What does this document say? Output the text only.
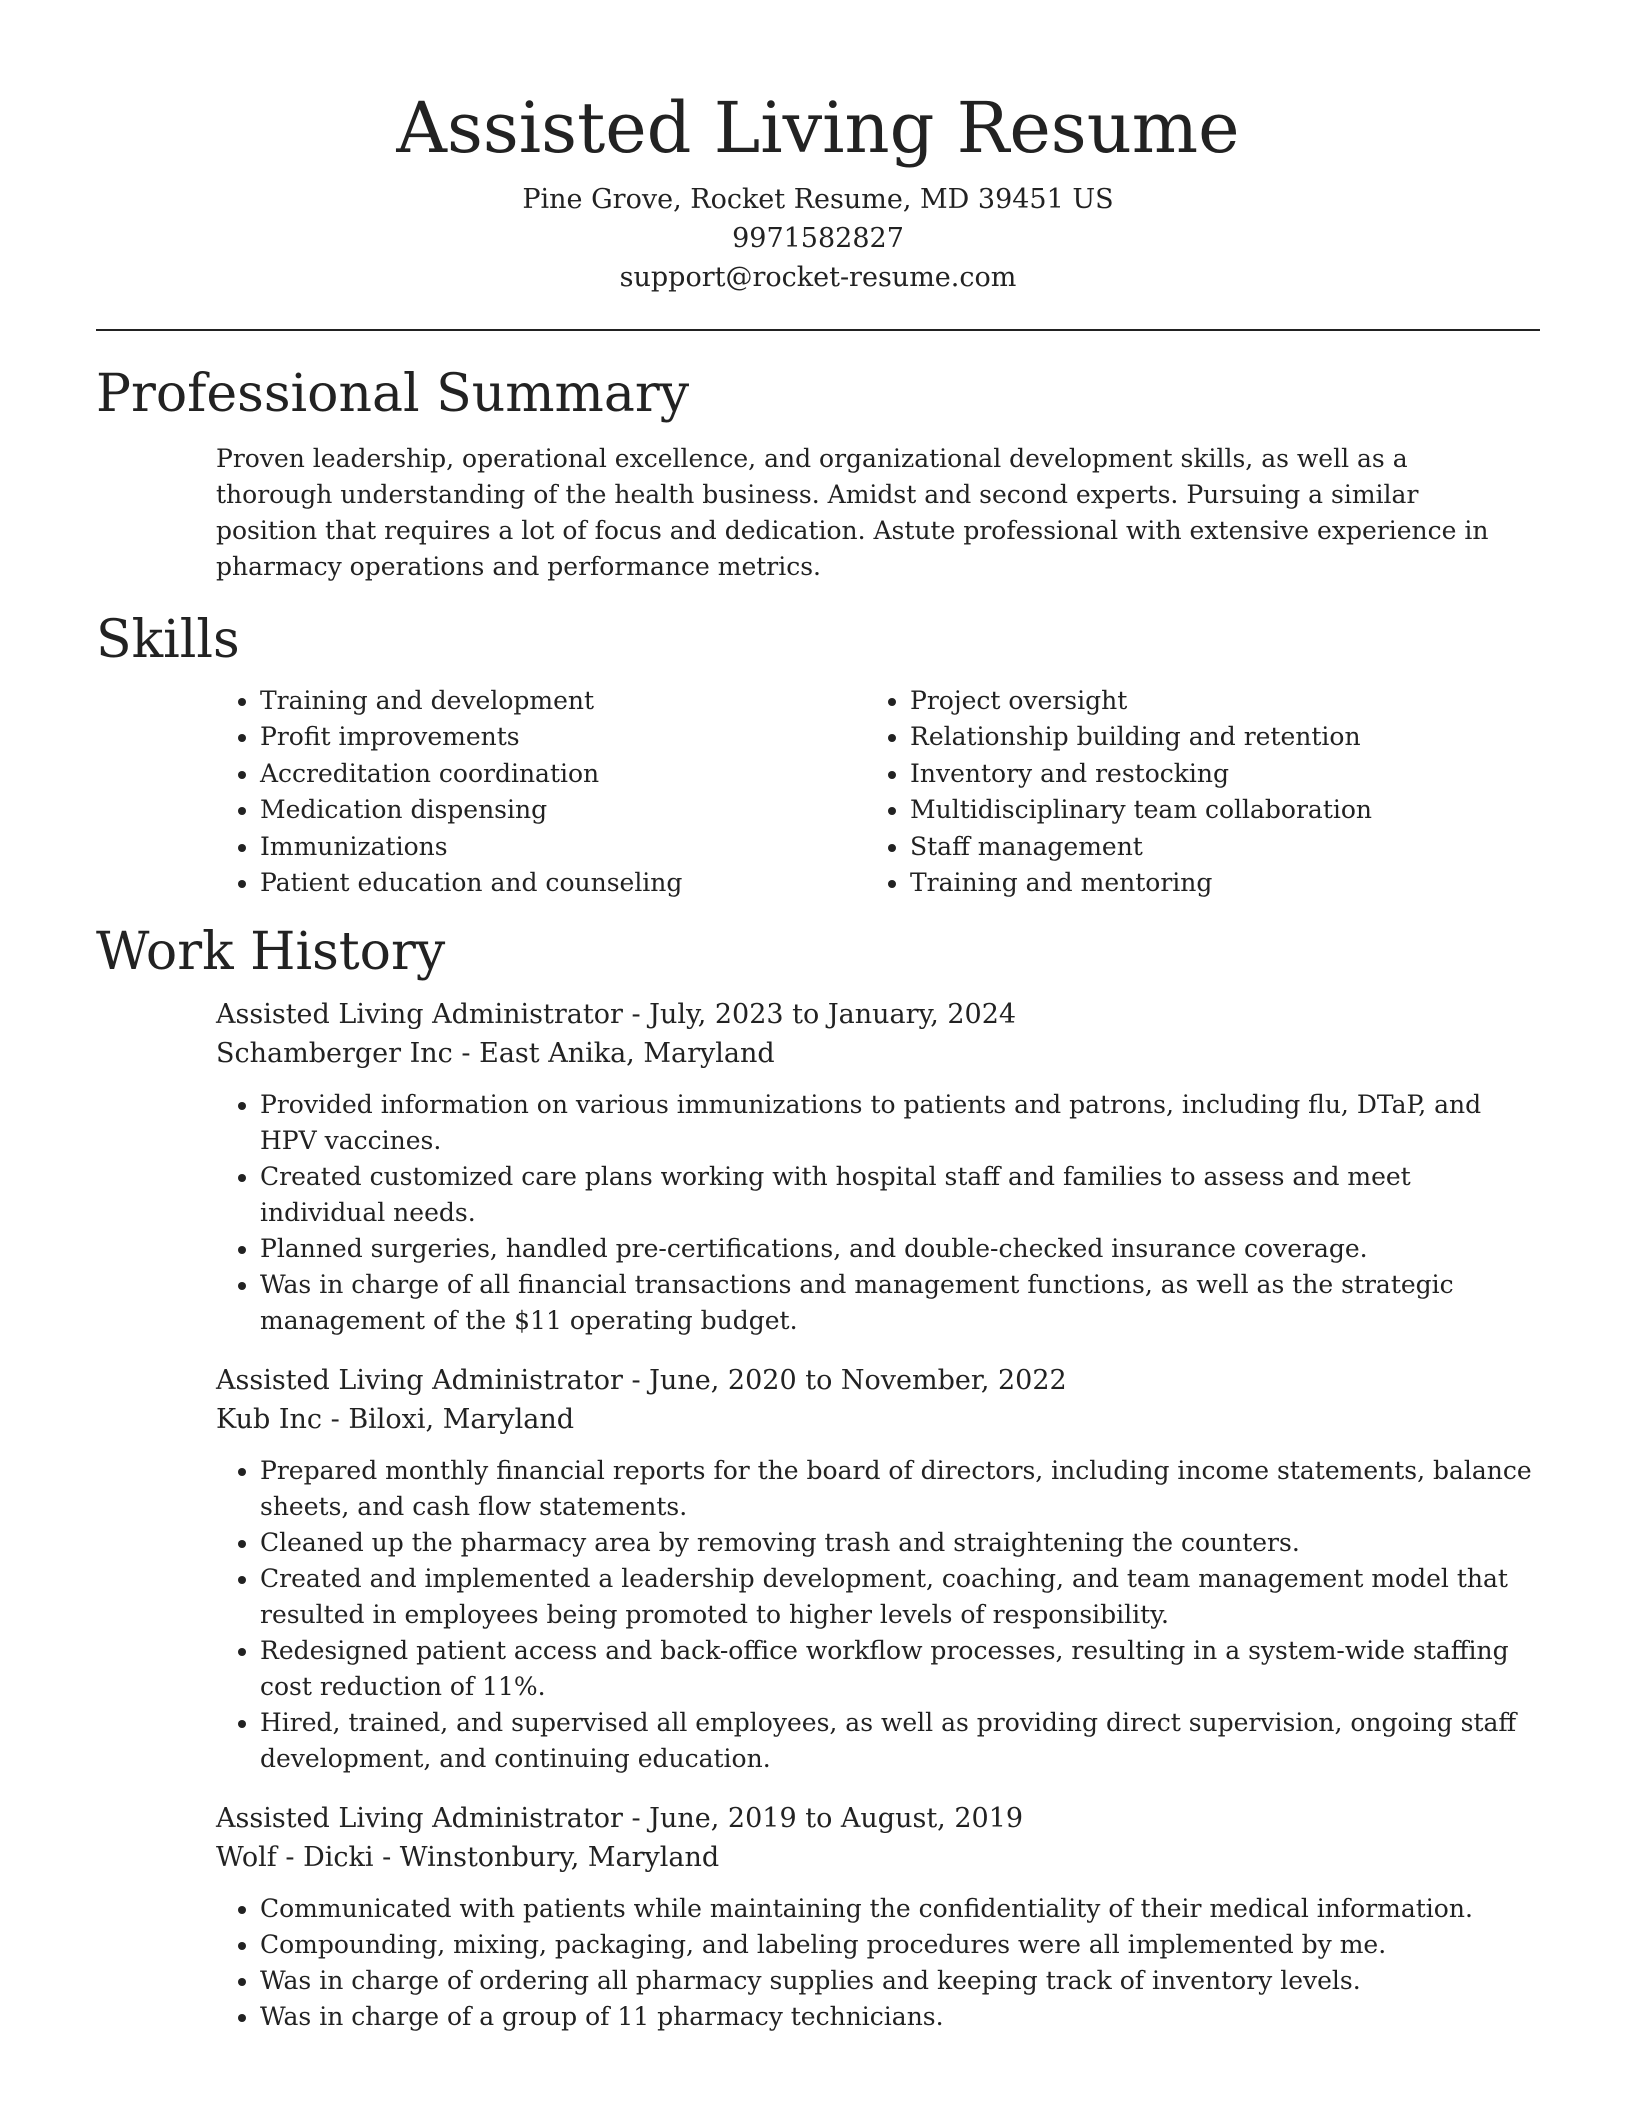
Assisted Living Resume
Pine Grove, Rocket Resume, MD 39451 US
9971582827
support@rocket-resume.com
Professional Summary

Proven leadership, operational excellence, and organizational development skills, as well as a thorough understanding of the health business. Amidst and second experts. Pursuing a similar position that requires a lot of focus and dedication. Astute professional with extensive experience in pharmacy operations and performance metrics.

Skills
• Training and development
• Profit improvements
• Accreditation coordination
• Medication dispensing
• Immunizations
• Patient education and counseling
• Project oversight
• Relationship building and retention
• Inventory and restocking
• Multidisciplinary team collaboration
• Staff management
• Training and mentoring
Work History
Assisted Living Administrator - July, 2023 to January, 2024
Schamberger Inc - East Anika, Maryland
• Provided information on various immunizations to patients and patrons, including flu, DTaP, and HPV vaccines.
• Created customized care plans working with hospital staff and families to assess and meet individual needs.
• Planned surgeries, handled pre-certifications, and double-checked insurance coverage.
• Was in charge of all financial transactions and management functions, as well as the strategic management of the $11 operating budget.
Assisted Living Administrator - June, 2020 to November, 2022
Kub Inc - Biloxi, Maryland
• Prepared monthly financial reports for the board of directors, including income statements, balance sheets, and cash flow statements.
• Cleaned up the pharmacy area by removing trash and straightening the counters.
• Created and implemented a leadership development, coaching, and team management model that resulted in employees being promoted to higher levels of responsibility.
• Redesigned patient access and back-office workflow processes, resulting in a system-wide staffing cost reduction of 11%.
• Hired, trained, and supervised all employees, as well as providing direct supervision, ongoing staff development, and continuing education.
Assisted Living Administrator - June, 2019 to August, 2019
Wolf - Dicki - Winstonbury, Maryland
• Communicated with patients while maintaining the confidentiality of their medical information.
• Compounding, mixing, packaging, and labeling procedures were all implemented by me.
• Was in charge of ordering all pharmacy supplies and keeping track of inventory levels.
• Was in charge of a group of 11 pharmacy technicians.
